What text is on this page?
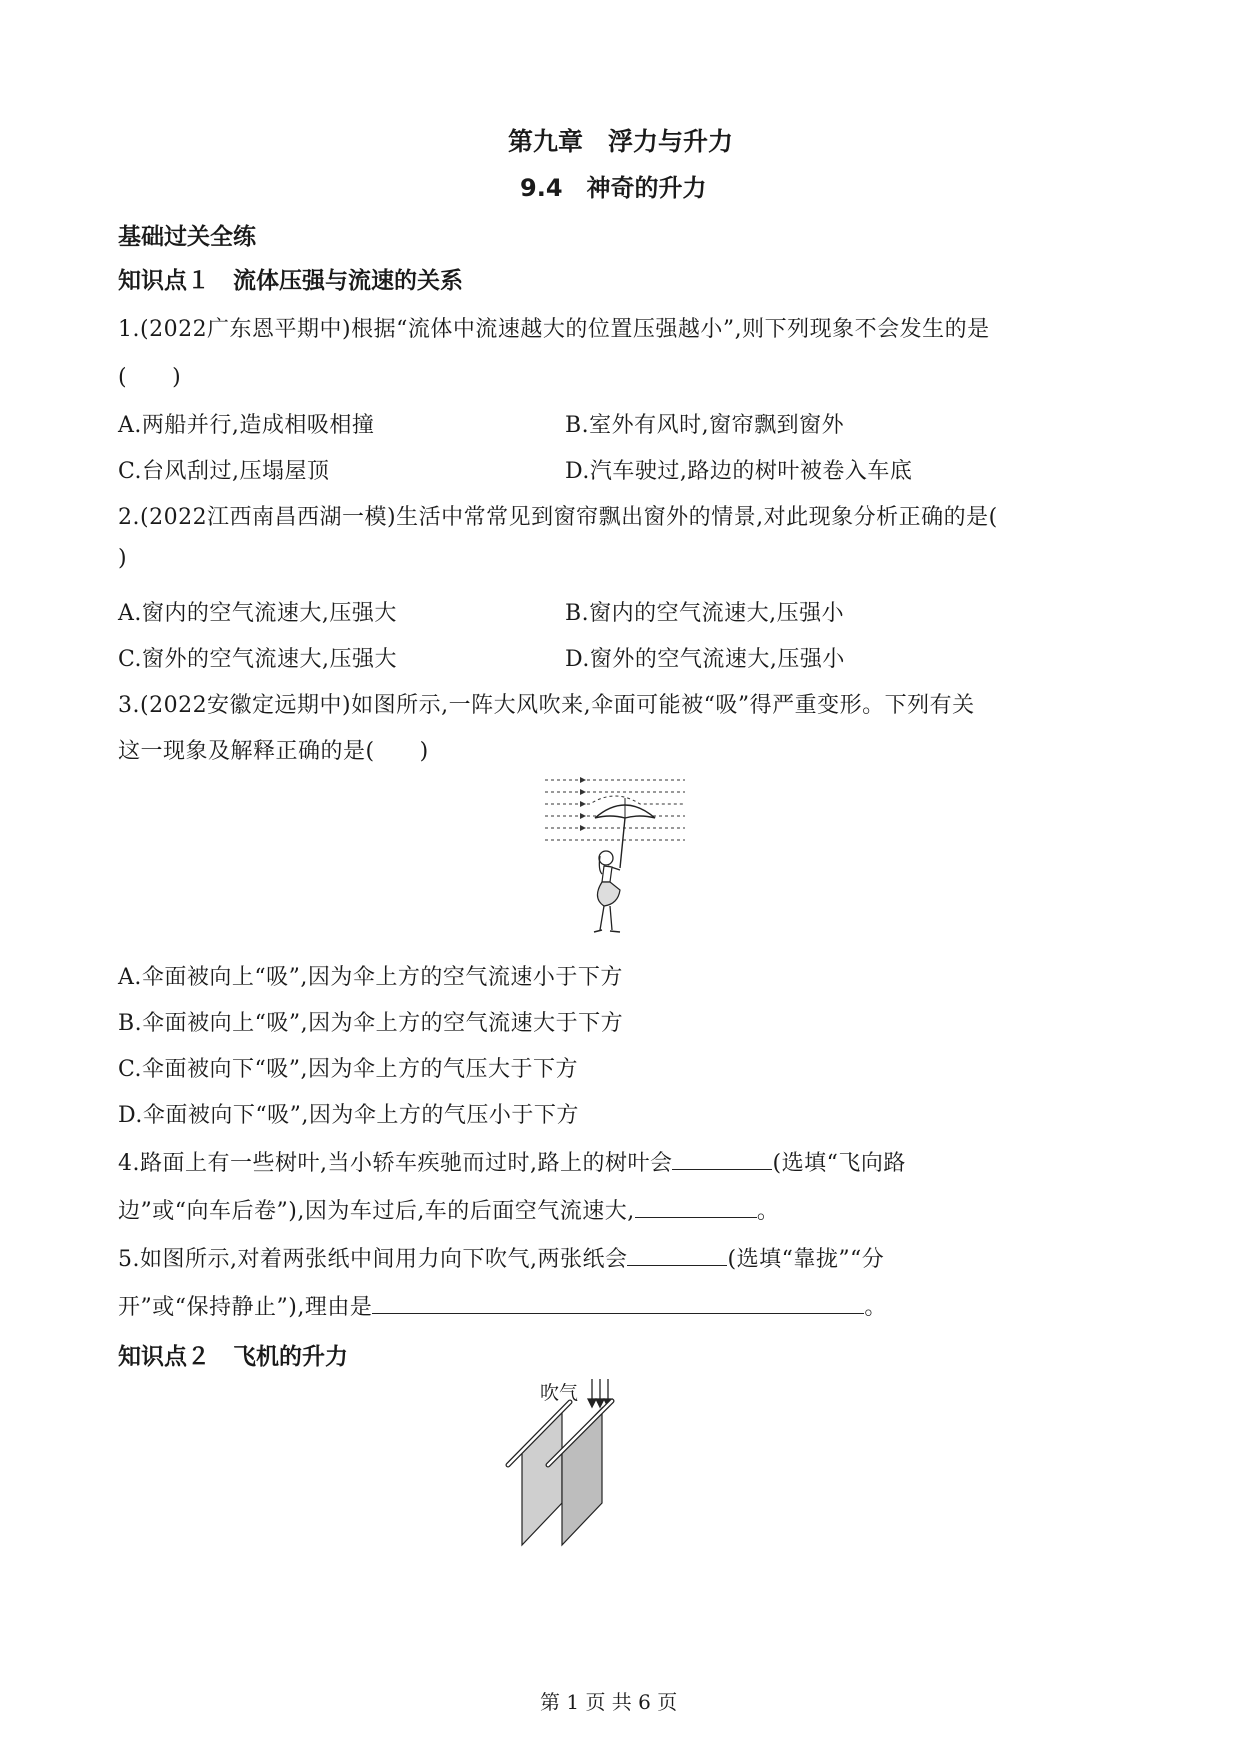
第九章　浮力与升力
9.4　神奇的升力
基础过关全练
知识点１　流体压强与流速的关系
1.(2022广东恩平期中)根据“流体中流速越大的位置压强越小”,则下列现象不会发生的是
(　　)
A.两船并行,造成相吸相撞	B.室外有风时,窗帘飘到窗外
C.台风刮过,压塌屋顶	D.汽车驶过,路边的树叶被卷入车底
2.(2022江西南昌西湖一模)生活中常常见到窗帘飘出窗外的情景,对此现象分析正确的是(
)
A.窗内的空气流速大,压强大	B.窗内的空气流速大,压强小
C.窗外的空气流速大,压强大	D.窗外的空气流速大,压强小
3.(2022安徽定远期中)如图所示,一阵大风吹来,伞面可能被“吸”得严重变形。下列有关
这一现象及解释正确的是(　　)
A.伞面被向上“吸”,因为伞上方的空气流速小于下方
B.伞面被向上“吸”,因为伞上方的空气流速大于下方
C.伞面被向下“吸”,因为伞上方的气压大于下方
D.伞面被向下“吸”,因为伞上方的气压小于下方
4.路面上有一些树叶,当小轿车疾驰而过时,路上的树叶会	(选填“飞向路
边”或“向车后卷”),因为车过后,车的后面空气流速大,	。
5.如图所示,对着两张纸中间用力向下吹气,两张纸会	(选填“靠拢”“分
开”或“保持静止”),理由是	。
知识点２　飞机的升力
吹气
第 1 页 共 6 页
